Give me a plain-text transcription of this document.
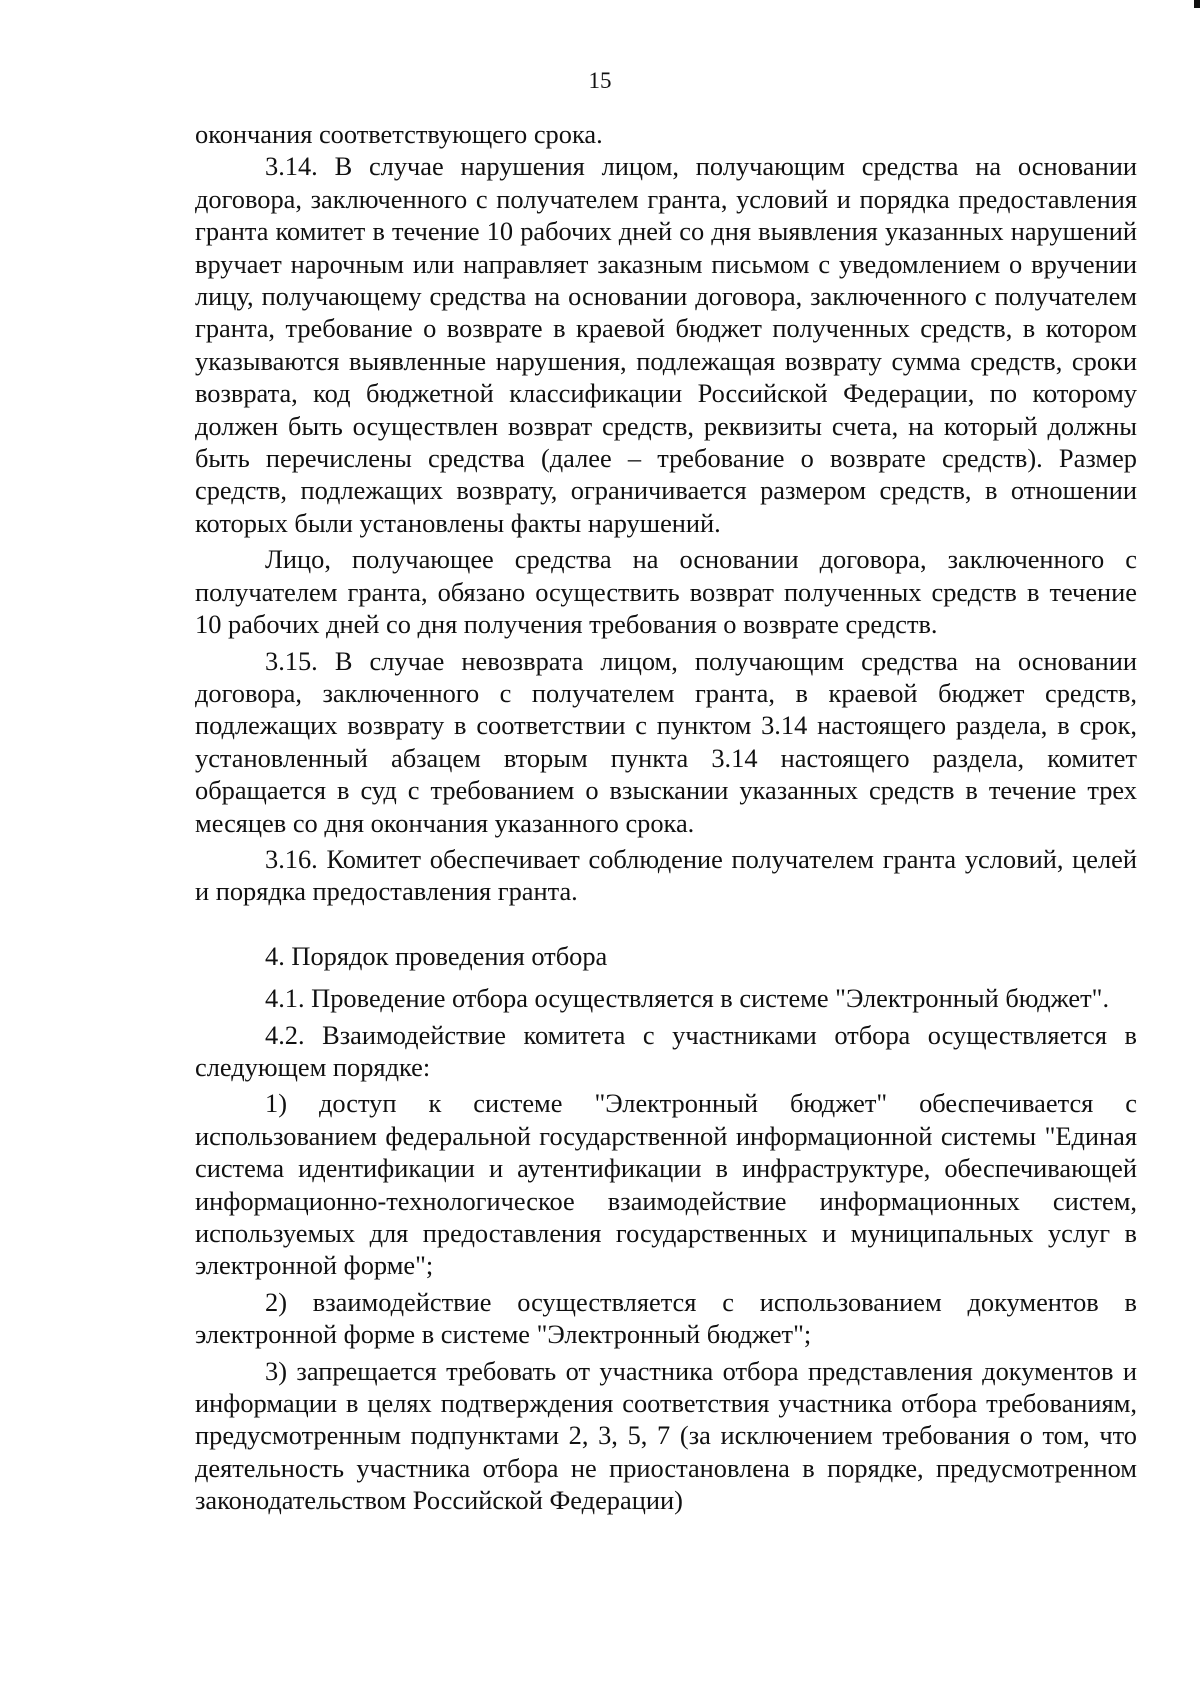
15

окончания соответствующего срока.

3.14. В случае нарушения лицом, получающим средства на основании договора, заключенного с получателем гранта, условий и порядка предоставления гранта комитет в течение 10 рабочих дней со дня выявления указанных нарушений вручает нарочным или направляет заказным письмом с уведомлением о вручении лицу, получающему средства на основании договора, заключенного с получателем гранта, требование о возврате в краевой бюджет полученных средств, в котором указываются выявленные нарушения, подлежащая возврату сумма средств, сроки возврата, код бюджетной классификации Российской Федерации, по которому должен быть осуществлен возврат средств, реквизиты счета, на который должны быть перечислены средства (далее – требование о возврате средств). Размер средств, подлежащих возврату, ограничивается размером средств, в отношении которых были установлены факты нарушений.

Лицо, получающее средства на основании договора, заключенного с получателем гранта, обязано осуществить возврат полученных средств в течение 10 рабочих дней со дня получения требования о возврате средств.

3.15. В случае невозврата лицом, получающим средства на основании договора, заключенного с получателем гранта, в краевой бюджет средств, подлежащих возврату в соответствии с пунктом 3.14 настоящего раздела, в срок, установленный абзацем вторым пункта 3.14 настоящего раздела, комитет обращается в суд с требованием о взыскании указанных средств в течение трех месяцев со дня окончания указанного срока.

3.16. Комитет обеспечивает соблюдение получателем гранта условий, целей и порядка предоставления гранта.

4. Порядок проведения отбора

4.1. Проведение отбора осуществляется в системе "Электронный бюджет".

4.2. Взаимодействие комитета с участниками отбора осуществляется в следующем порядке:

1) доступ к системе "Электронный бюджет" обеспечивается с использованием федеральной государственной информационной системы "Единая система идентификации и аутентификации в инфраструктуре, обеспечивающей информационно-технологическое взаимодействие информационных систем, используемых для предоставления государственных и муниципальных услуг в электронной форме";

2) взаимодействие осуществляется с использованием документов в электронной форме в системе "Электронный бюджет";

3) запрещается требовать от участника отбора представления документов и информации в целях подтверждения соответствия участника отбора требованиям, предусмотренным подпунктами 2, 3, 5, 7 (за исключением требования о том, что деятельность участника отбора не приостановлена в порядке, предусмотренном законодательством Российской Федерации)
